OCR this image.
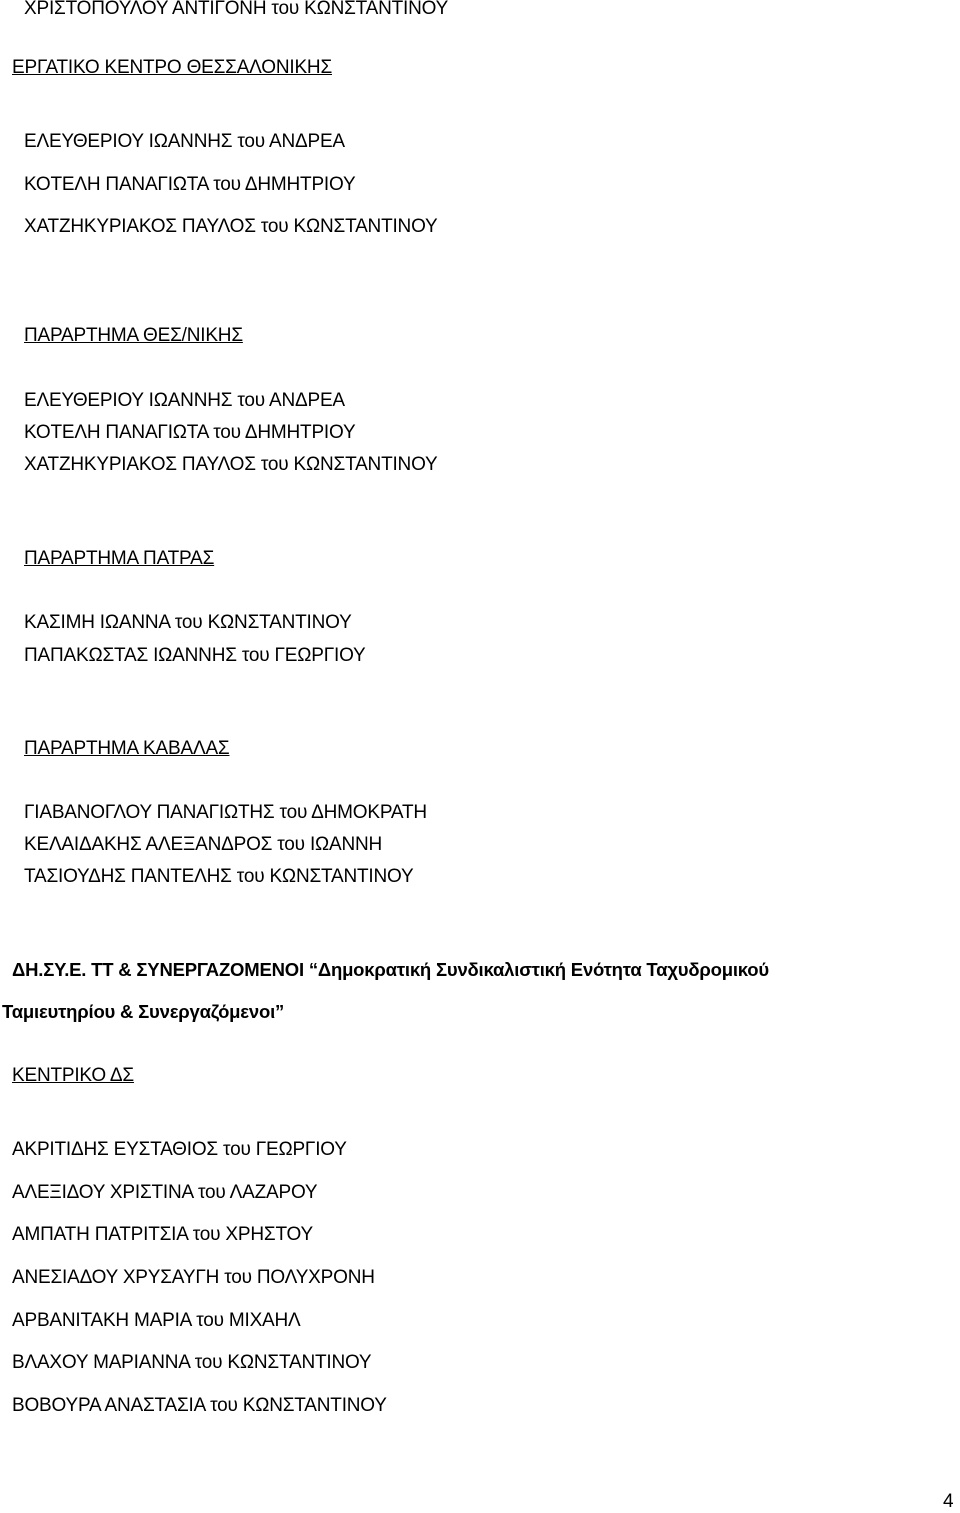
ΧΡΙΣΤΟΠΟΥΛΟΥ ΑΝΤΙΓΟΝΗ του ΚΩΝΣΤΑΝΤΙΝΟΥ
ΕΡΓΑΤΙΚΟ ΚΕΝΤΡΟ ΘΕΣΣΑΛΟΝΙΚΗΣ
ΕΛΕΥΘΕΡΙΟΥ ΙΩΑΝΝΗΣ του ΑΝΔΡΕΑ
ΚΟΤΕΛΗ ΠΑΝΑΓΙΩΤΑ του ΔΗΜΗΤΡΙΟΥ
ΧΑΤΖΗΚΥΡΙΑΚΟΣ ΠΑΥΛΟΣ του ΚΩΝΣΤΑΝΤΙΝΟΥ
ΠΑΡΑΡΤΗΜΑ ΘΕΣ/ΝΙΚΗΣ
ΕΛΕΥΘΕΡΙΟΥ ΙΩΑΝΝΗΣ του ΑΝΔΡΕΑ
ΚΟΤΕΛΗ ΠΑΝΑΓΙΩΤΑ του ΔΗΜΗΤΡΙΟΥ
ΧΑΤΖΗΚΥΡΙΑΚΟΣ ΠΑΥΛΟΣ του ΚΩΝΣΤΑΝΤΙΝΟΥ
ΠΑΡΑΡΤΗΜΑ ΠΑΤΡΑΣ
ΚΑΣΙΜΗ ΙΩΑΝΝΑ του ΚΩΝΣΤΑΝΤΙΝΟΥ
ΠΑΠΑΚΩΣΤΑΣ ΙΩΑΝΝΗΣ του ΓΕΩΡΓΙΟΥ
ΠΑΡΑΡΤΗΜΑ ΚΑΒΑΛΑΣ
ΓΙΑΒΑΝΟΓΛΟΥ ΠΑΝΑΓΙΩΤΗΣ του ΔΗΜΟΚΡΑΤΗ
ΚΕΛΑΙΔΑΚΗΣ ΑΛΕΞΑΝΔΡΟΣ του ΙΩΑΝΝΗ
ΤΑΣΙΟΥΔΗΣ ΠΑΝΤΕΛΗΣ του ΚΩΝΣΤΑΝΤΙΝΟΥ
ΔΗ.ΣΥ.Ε. ΤΤ & ΣΥΝΕΡΓΑΖΟΜΕΝΟΙ “Δημοκρατική Συνδικαλιστική Ενότητα Ταχυδρομικού
Ταμιευτηρίου & Συνεργαζόμενοι”
ΚΕΝΤΡΙΚΟ ΔΣ
ΑΚΡΙΤΙΔΗΣ ΕΥΣΤΑΘΙΟΣ του ΓΕΩΡΓΙΟΥ
ΑΛΕΞΙΔΟΥ ΧΡΙΣΤΙΝΑ του ΛΑΖΑΡΟΥ
ΑΜΠΑΤΗ ΠΑΤΡΙΤΣΙΑ του ΧΡΗΣΤΟΥ
ΑΝΕΣΙΑΔΟΥ ΧΡΥΣΑΥΓΗ του ΠΟΛΥΧΡΟΝΗ
ΑΡΒΑΝΙΤΑΚΗ ΜΑΡΙΑ του ΜΙΧΑΗΛ
ΒΛΑΧΟΥ ΜΑΡΙΑΝΝΑ του ΚΩΝΣΤΑΝΤΙΝΟΥ
ΒΟΒΟΥΡΑ ΑΝΑΣΤΑΣΙΑ του ΚΩΝΣΤΑΝΤΙΝΟΥ
4
